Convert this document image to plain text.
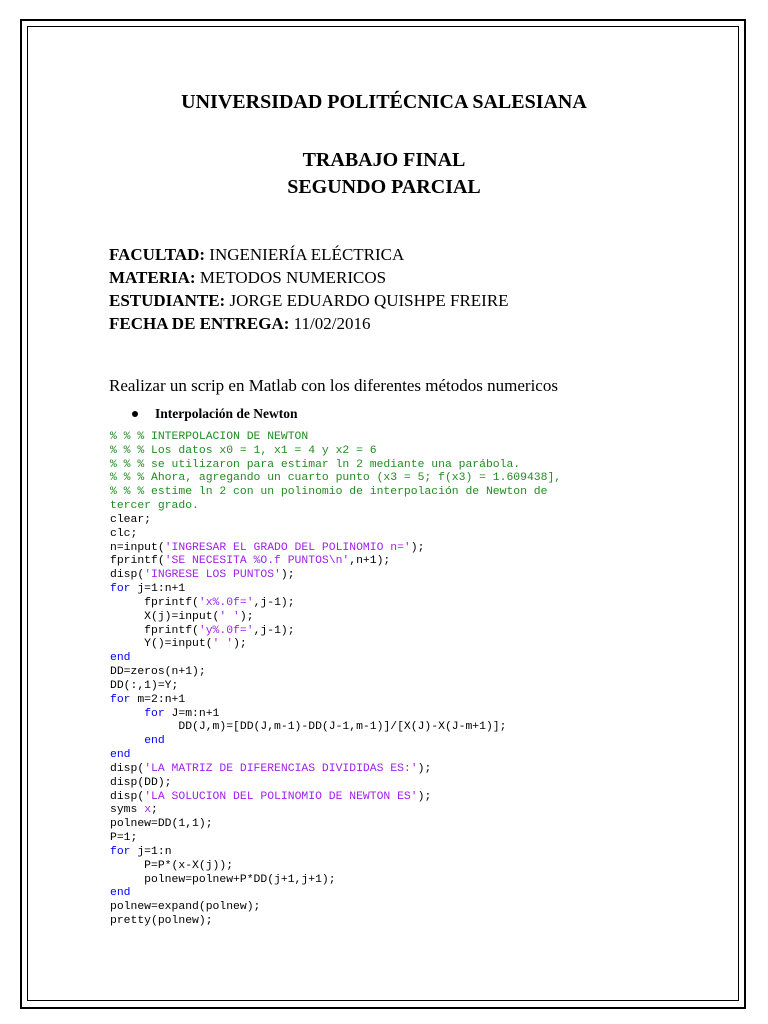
UNIVERSIDAD POLITÉCNICA SALESIANA
TRABAJO FINAL
SEGUNDO PARCIAL
FACULTAD: INGENIERÍA ELÉCTRICA
MATERIA: METODOS NUMERICOS
ESTUDIANTE: JORGE EDUARDO QUISHPE FREIRE
FECHA DE ENTREGA: 11/02/2016
Realizar un scrip en Matlab con los diferentes métodos numericos
Interpolación de Newton
% % % INTERPOLACION DE NEWTON
% % % Los datos x0 = 1, x1 = 4 y x2 = 6
% % % se utilizaron para estimar ln 2 mediante una parábola.
% % % Ahora, agregando un cuarto punto (x3 = 5; f(x3) = 1.609438],
% % % estime ln 2 con un polinomio de interpolación de Newton de
tercer grado.
clear;
clc;
n=input('INGRESAR EL GRADO DEL POLINOMIO n=');
fprintf('SE NECESITA %O.f PUNTOS\n',n+1);
disp('INGRESE LOS PUNTOS');
for j=1:n+1
fprintf('x%.0f=',j-1);
X(j)=input(' ');
fprintf('y%.0f=',j-1);
Y()=input(' ');
end
DD=zeros(n+1);
DD(:,1)=Y;
for m=2:n+1
for J=m:n+1
DD(J,m)=[DD(J,m-1)-DD(J-1,m-1)]/[X(J)-X(J-m+1)];
end
end
disp('LA MATRIZ DE DIFERENCIAS DIVIDIDAS ES:');
disp(DD);
disp('LA SOLUCION DEL POLINOMIO DE NEWTON ES');
syms x;
polnew=DD(1,1);
P=1;
for j=1:n
P=P*(x-X(j));
polnew=polnew+P*DD(j+1,j+1);
end
polnew=expand(polnew);
pretty(polnew);
